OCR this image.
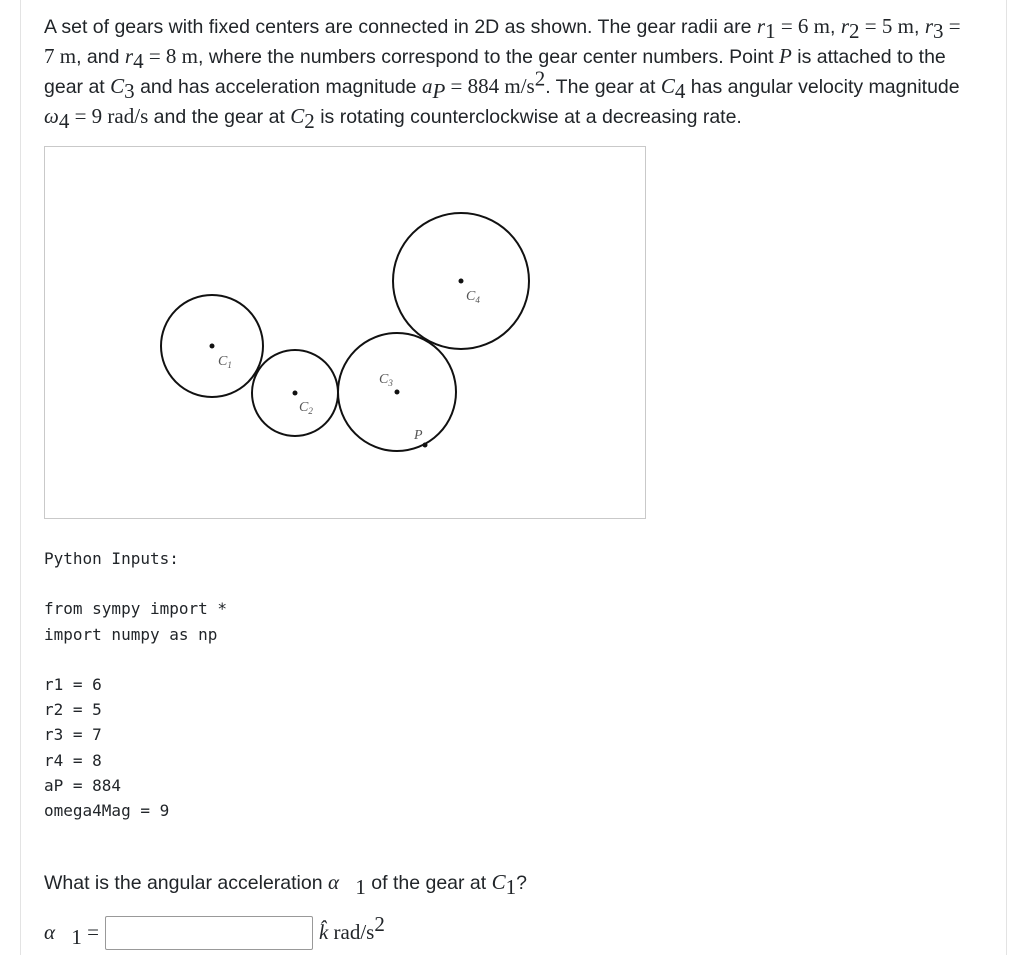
A set of gears with fixed centers are connected in 2D as shown. The gear radii are $r_1 = 6$ m, $r_2 = 5$ m, $r_3 = 7$ m, and $r_4 = 8$ m, where the numbers correspond to the gear center numbers. Point P is attached to the gear at $C_3$ and has acceleration magnitude $a_P = 884$ $m/s^2$. The gear at $C_4$ has angular velocity magnitude $\omega_4 = 9$ rad/s and the gear at $C_2$ is rotating counterclockwise at a decreasing rate.

$C_1$
$C_2$
$C_3$
$C_4$
P
Python Inputs:
from sympy import *
import numpy as np
r1 = 6
r2 = 5
r3 = 7
r4 = 8
aP = 884
omega4Mag = 9
What is the angular acceleration $\alpha⃗_1$ of the gear at $C_1$?
$\alpha⃗_1$ =	k̂ rad/$s^2$
